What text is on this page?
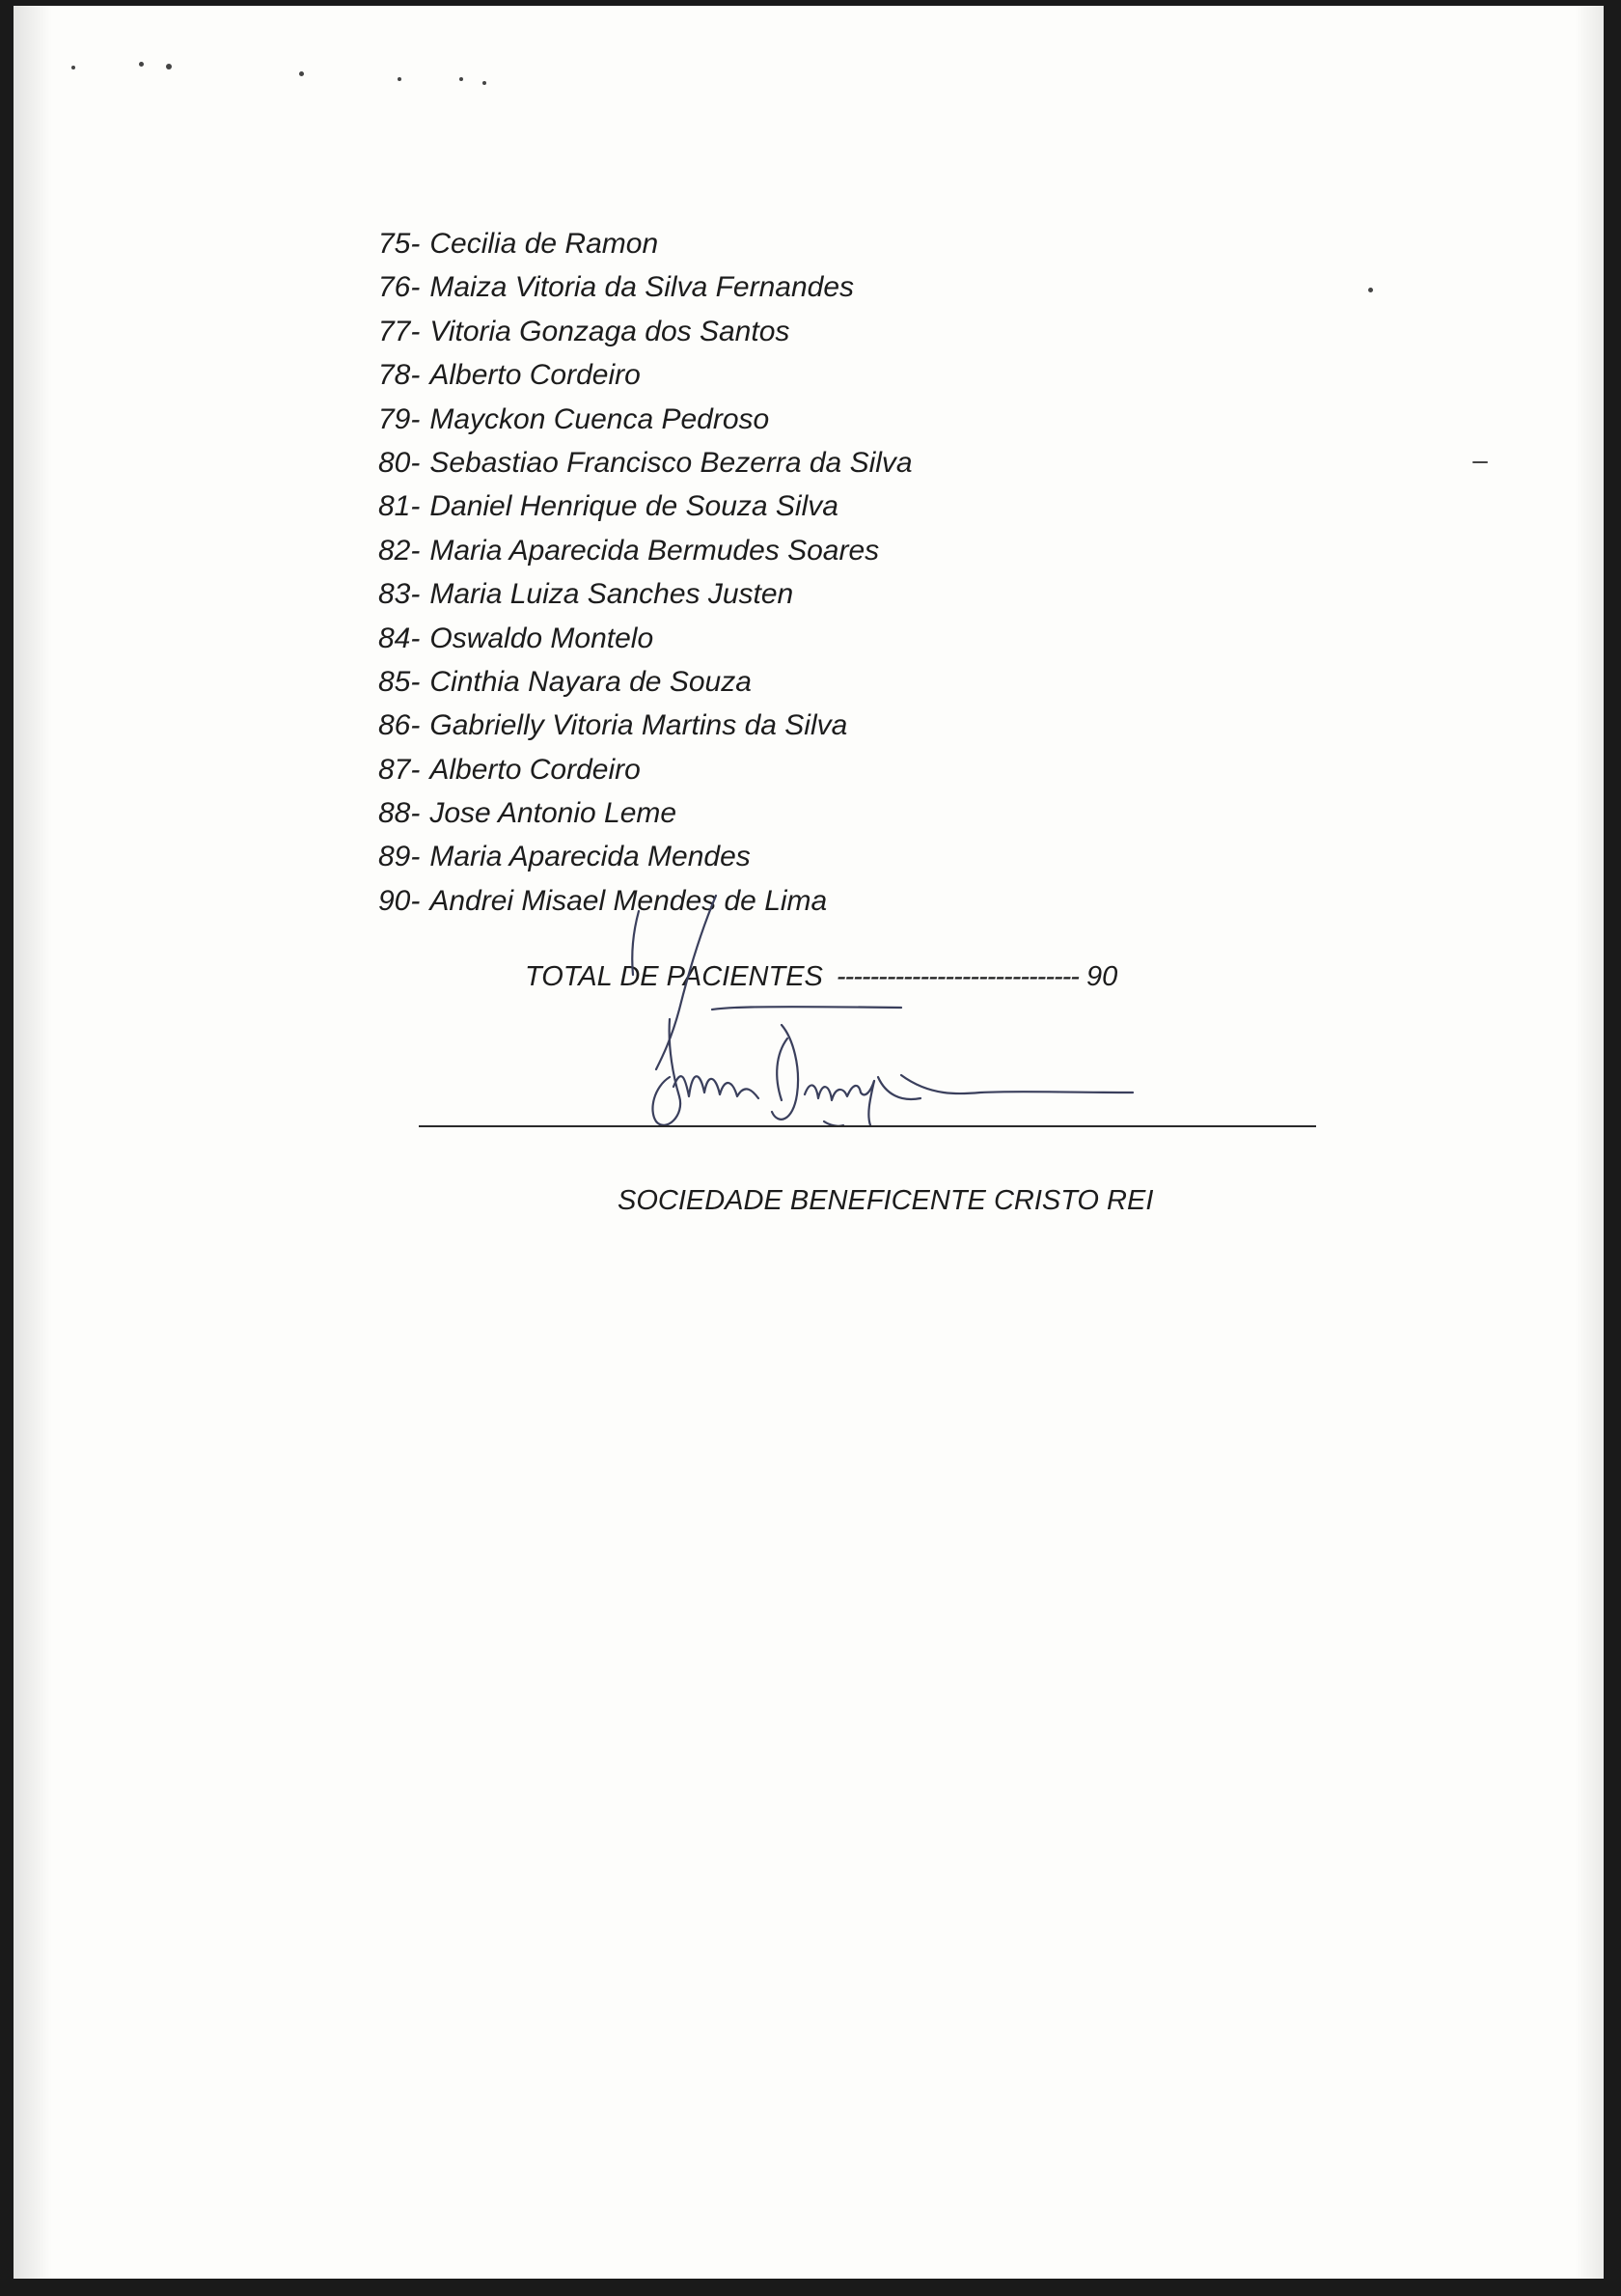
75- Cecilia de Ramon
76- Maiza Vitoria da Silva Fernandes
77- Vitoria Gonzaga dos Santos
78- Alberto Cordeiro
79- Mayckon Cuenca Pedroso
80- Sebastiao Francisco Bezerra da Silva
81- Daniel Henrique de Souza Silva
82- Maria Aparecida Bermudes Soares
83- Maria Luiza Sanches Justen
84- Oswaldo Montelo
85- Cinthia Nayara de Souza
86- Gabrielly Vitoria Martins da Silva
87- Alberto Cordeiro
88- Jose Antonio Leme
89- Maria Aparecida Mendes
90- Andrei Misael Mendes de Lima
TOTAL DE PACIENTES ----------------------------- 90
SOCIEDADE BENEFICENTE CRISTO REI
